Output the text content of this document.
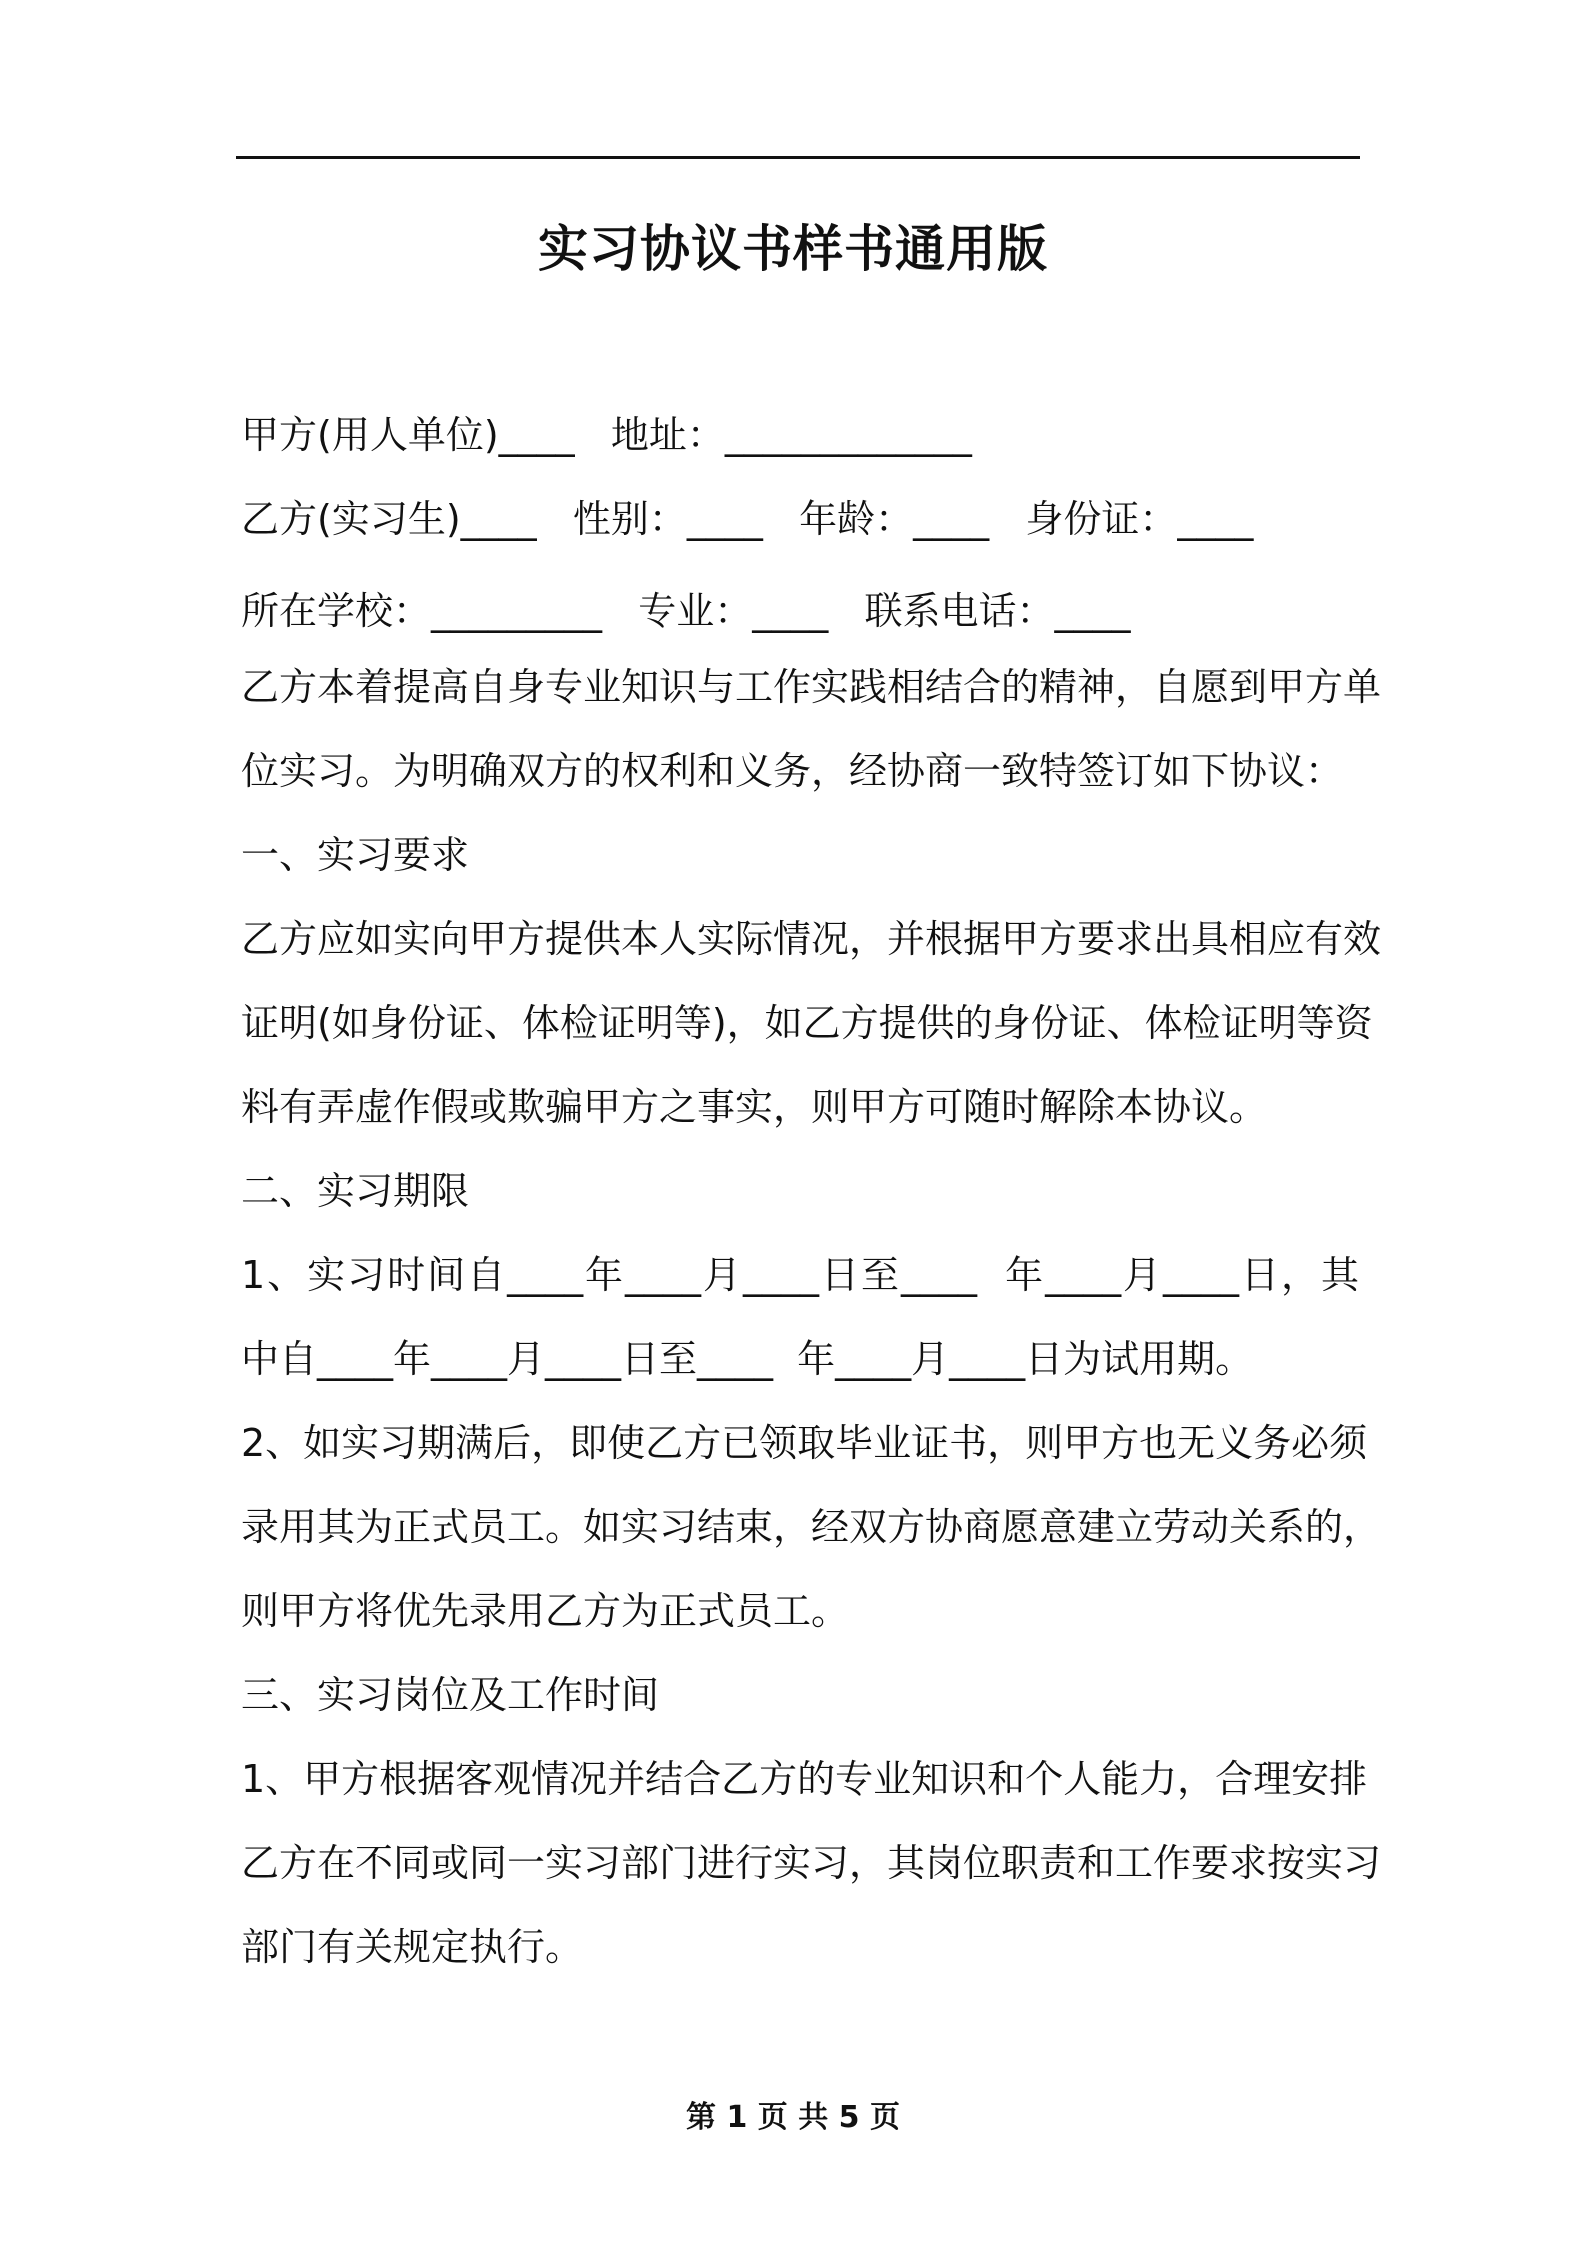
实习协议书样书通用版

甲方(用人单位)____   地址：_____________

乙方(实习生)____   性别：____   年龄：____   身份证：____

所在学校：_________   专业：____   联系电话：____

乙方本着提高自身专业知识与工作实践相结合的精神，自愿到甲方单

位实习。为明确双方的权利和义务，经协商一致特签订如下协议：

一、实习要求

乙方应如实向甲方提供本人实际情况，并根据甲方要求出具相应有效

证明(如身份证、体检证明等)，如乙方提供的身份证、体检证明等资

料有弄虚作假或欺骗甲方之事实，则甲方可随时解除本协议。

二、实习期限

1、实习时间自____年____月____日至____  年____月____日，其

中自____年____月____日至____  年____月____日为试用期。

2、如实习期满后，即使乙方已领取毕业证书，则甲方也无义务必须

录用其为正式员工。如实习结束，经双方协商愿意建立劳动关系的，

则甲方将优先录用乙方为正式员工。

三、实习岗位及工作时间

1、甲方根据客观情况并结合乙方的专业知识和个人能力，合理安排

乙方在不同或同一实习部门进行实习，其岗位职责和工作要求按实习

部门有关规定执行。

第 1 页 共 5 页
